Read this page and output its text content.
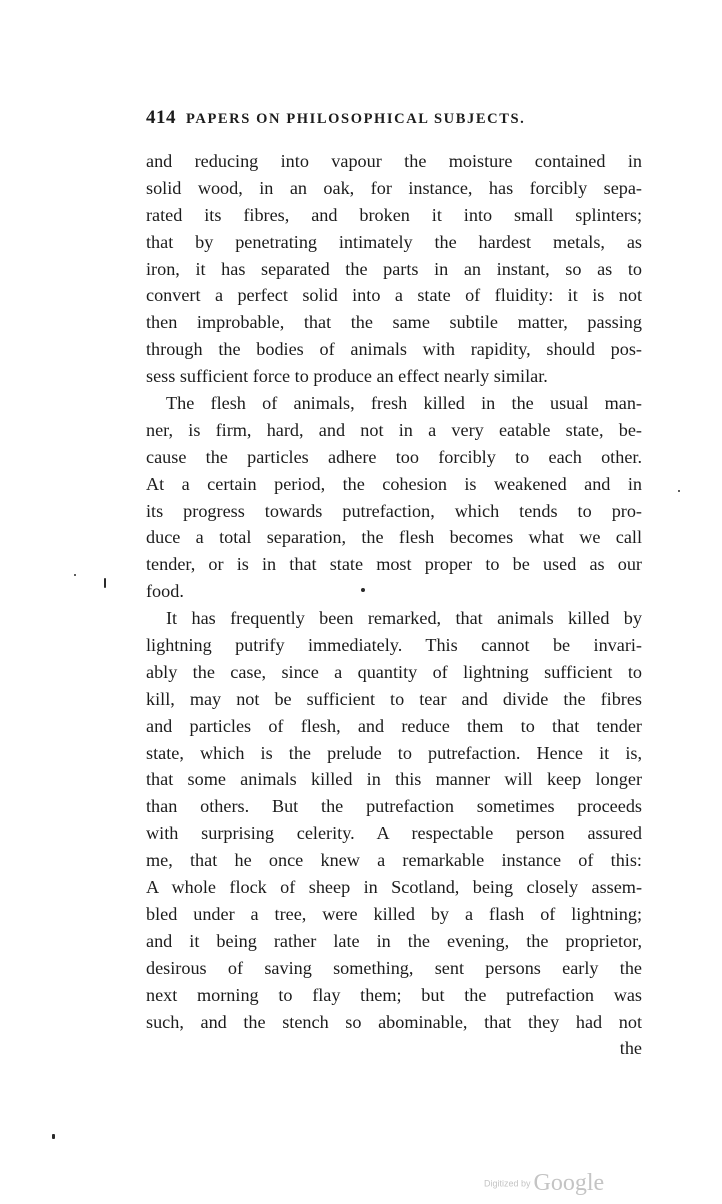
414 PAPERS ON PHILOSOPHICAL SUBJECTS.
and reducing into vapour the moisture contained in
solid wood, in an oak, for instance, has forcibly sepa-
rated its fibres, and broken it into small splinters;
that by penetrating intimately the hardest metals, as
iron, it has separated the parts in an instant, so as to
convert a perfect solid into a state of fluidity: it is not
then improbable, that the same subtile matter, passing
through the bodies of animals with rapidity, should pos-
sess sufficient force to produce an effect nearly similar.
The flesh of animals, fresh killed in the usual man-
ner, is firm, hard, and not in a very eatable state, be-
cause the particles adhere too forcibly to each other.
At a certain period, the cohesion is weakened and in
its progress towards putrefaction, which tends to pro-
duce a total separation, the flesh becomes what we call
tender, or is in that state most proper to be used as our
food.
It has frequently been remarked, that animals killed by
lightning putrify immediately. This cannot be invari-
ably the case, since a quantity of lightning sufficient to
kill, may not be sufficient to tear and divide the fibres
and particles of flesh, and reduce them to that tender
state, which is the prelude to putrefaction. Hence it is,
that some animals killed in this manner will keep longer
than others. But the putrefaction sometimes proceeds
with surprising celerity. A respectable person assured
me, that he once knew a remarkable instance of this:
A whole flock of sheep in Scotland, being closely assem-
bled under a tree, were killed by a flash of lightning;
and it being rather late in the evening, the proprietor,
desirous of saving something, sent persons early the
next morning to flay them; but the putrefaction was
such, and the stench so abominable, that they had not
the
Digitized by Google
